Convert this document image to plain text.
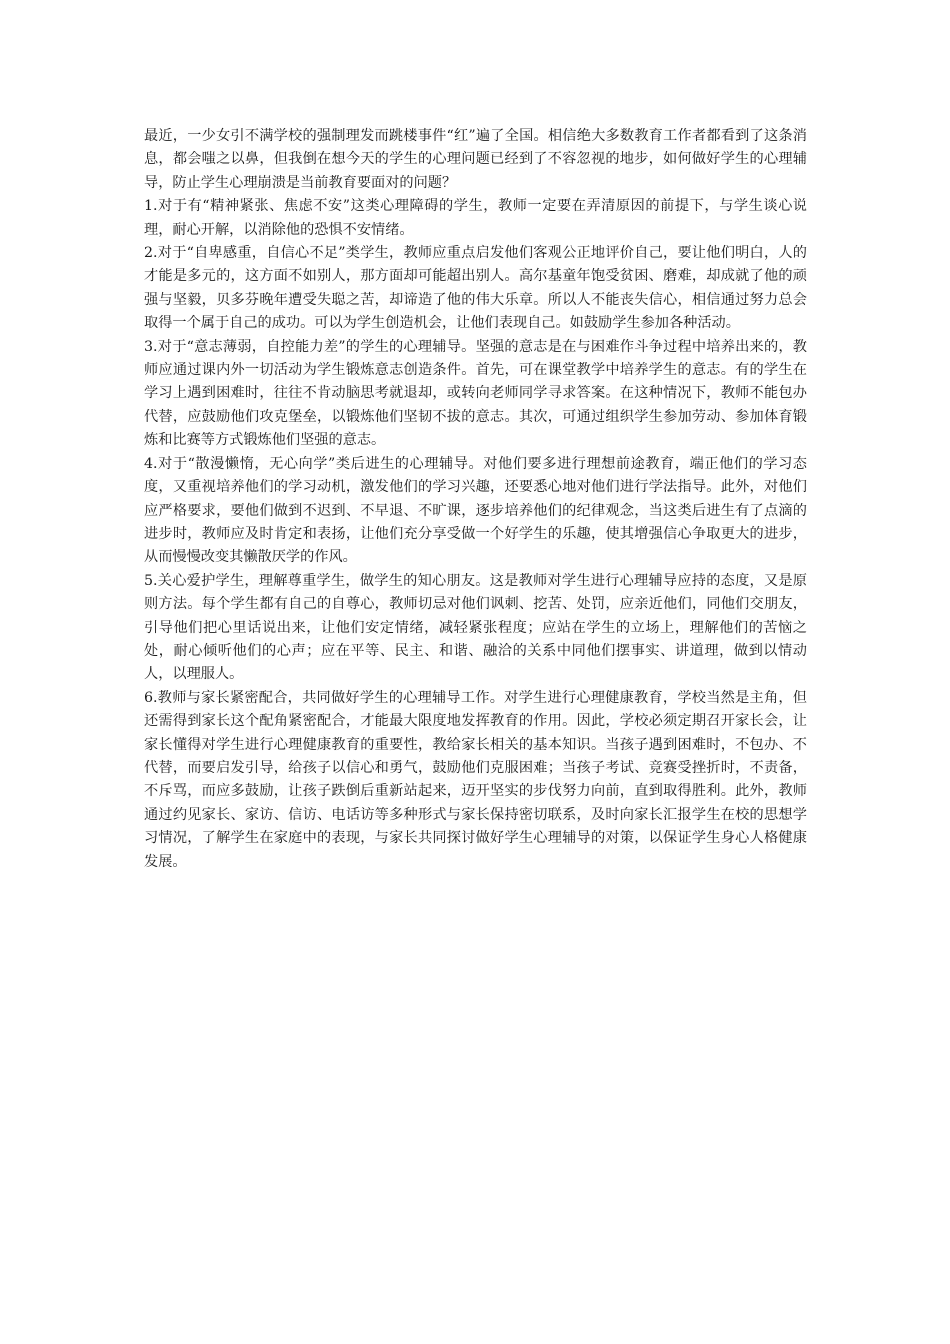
最近，一少女引不满学校的强制理发而跳楼事件“红”遍了全国。相信绝大多数教育工作者都看到了这条消息，都会嗤之以鼻，但我倒在想今天的学生的心理问题已经到了不容忽视的地步，如何做好学生的心理辅导，防止学生心理崩溃是当前教育要面对的问题？

1.对于有“精神紧张、焦虑不安”这类心理障碍的学生，教师一定要在弄清原因的前提下，与学生谈心说理，耐心开解，以消除他的恐惧不安情绪。

2.对于“自卑感重，自信心不足”类学生，教师应重点启发他们客观公正地评价自己，要让他们明白，人的才能是多元的，这方面不如别人，那方面却可能超出别人。高尔基童年饱受贫困、磨难，却成就了他的顽强与坚毅，贝多芬晚年遭受失聪之苦，却谛造了他的伟大乐章。所以人不能丧失信心，相信通过努力总会取得一个属于自己的成功。可以为学生创造机会，让他们表现自己。如鼓励学生参加各种活动。

3.对于“意志薄弱，自控能力差”的学生的心理辅导。坚强的意志是在与困难作斗争过程中培养出来的，教师应通过课内外一切活动为学生锻炼意志创造条件。首先，可在课堂教学中培养学生的意志。有的学生在学习上遇到困难时，往往不肯动脑思考就退却，或转向老师同学寻求答案。在这种情况下，教师不能包办代替，应鼓励他们攻克堡垒，以锻炼他们坚韧不拔的意志。其次，可通过组织学生参加劳动、参加体育锻炼和比赛等方式锻炼他们坚强的意志。

4.对于“散漫懒惰，无心向学”类后进生的心理辅导。对他们要多进行理想前途教育，端正他们的学习态度，又重视培养他们的学习动机，激发他们的学习兴趣，还要悉心地对他们进行学法指导。此外，对他们应严格要求，要他们做到不迟到、不早退、不旷课，逐步培养他们的纪律观念，当这类后进生有了点滴的进步时，教师应及时肯定和表扬，让他们充分享受做一个好学生的乐趣，使其增强信心争取更大的进步，从而慢慢改变其懒散厌学的作风。

5.关心爱护学生，理解尊重学生，做学生的知心朋友。这是教师对学生进行心理辅导应持的态度，又是原则方法。每个学生都有自己的自尊心，教师切忌对他们讽刺、挖苦、处罚，应亲近他们，同他们交朋友，引导他们把心里话说出来，让他们安定情绪，减轻紧张程度；应站在学生的立场上，理解他们的苦恼之处，耐心倾听他们的心声；应在平等、民主、和谐、融洽的关系中同他们摆事实、讲道理，做到以情动人，以理服人。

6.教师与家长紧密配合，共同做好学生的心理辅导工作。对学生进行心理健康教育，学校当然是主角，但还需得到家长这个配角紧密配合，才能最大限度地发挥教育的作用。因此，学校必须定期召开家长会，让家长懂得对学生进行心理健康教育的重要性，教给家长相关的基本知识。当孩子遇到困难时，不包办、不代替，而要启发引导，给孩子以信心和勇气，鼓励他们克服困难；当孩子考试、竞赛受挫折时，不责备，不斥骂，而应多鼓励，让孩子跌倒后重新站起来，迈开坚实的步伐努力向前，直到取得胜利。此外，教师通过约见家长、家访、信访、电话访等多种形式与家长保持密切联系，及时向家长汇报学生在校的思想学习情况，了解学生在家庭中的表现，与家长共同探讨做好学生心理辅导的对策，以保证学生身心人格健康发展。
